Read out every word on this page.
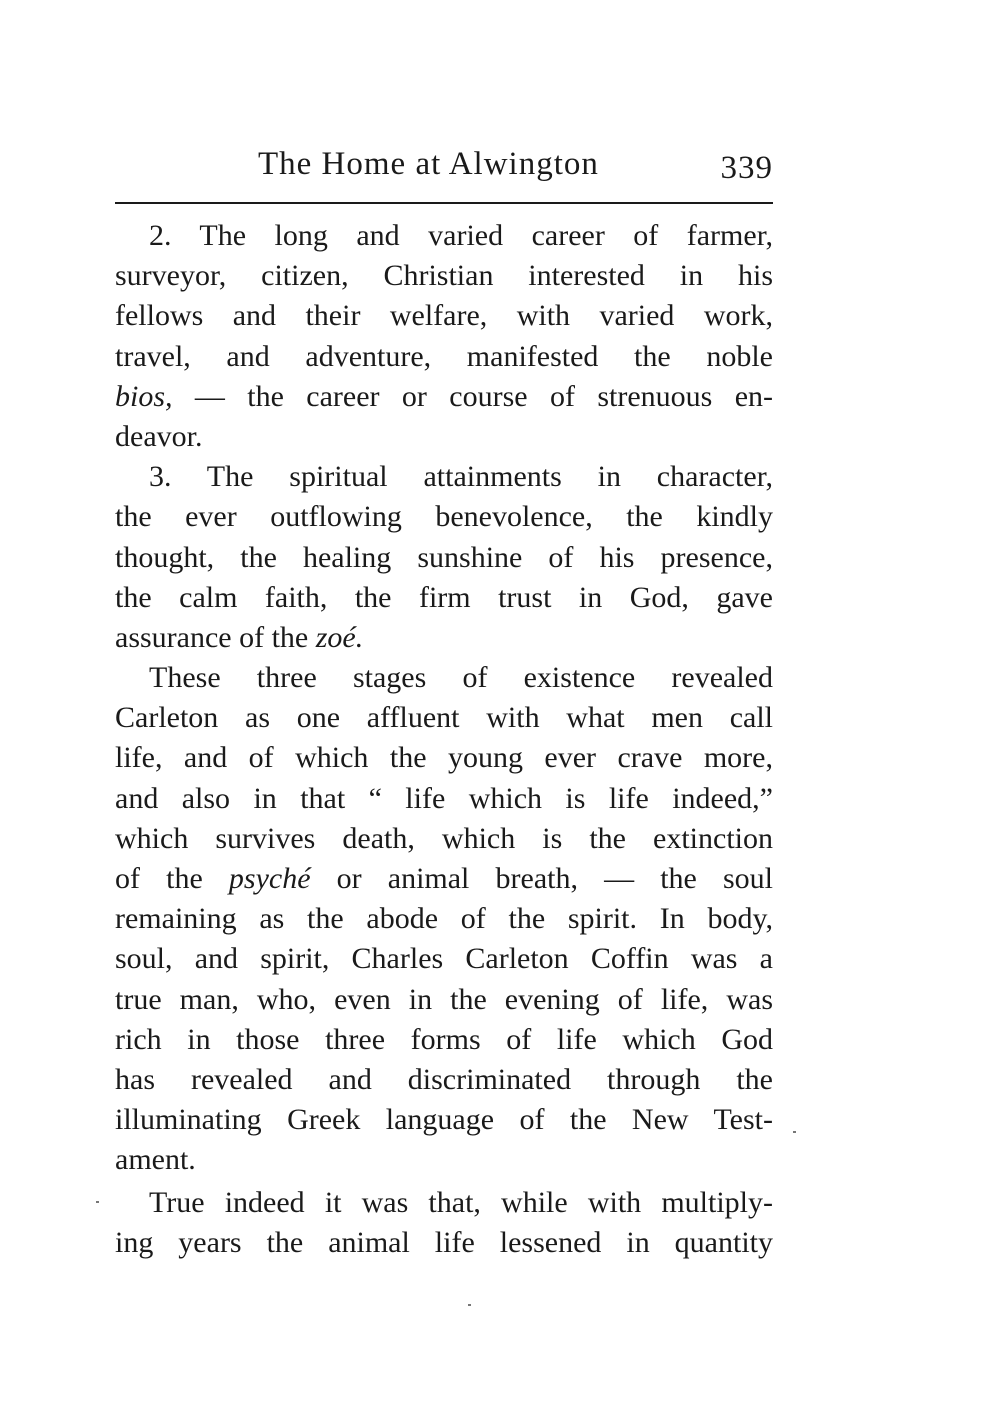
The Home at Alwington	339
2. The long and varied career of farmer,
surveyor, citizen, Christian interested in his
fellows and their welfare, with varied work,
travel, and adventure, manifested the noble
bios, — the career or course of strenuous en-
deavor.
3. The spiritual attainments in character,
the ever outflowing benevolence, the kindly
thought, the healing sunshine of his presence,
the calm faith, the firm trust in God, gave
assurance of the zoé.
These three stages of existence revealed
Carleton as one affluent with what men call
life, and of which the young ever crave more,
and also in that “ life which is life indeed,”
which survives death, which is the extinction
of the psyché or animal breath, — the soul
remaining as the abode of the spirit. In body,
soul, and spirit, Charles Carleton Coffin was a
true man, who, even in the evening of life, was
rich in those three forms of life which God
has revealed and discriminated through the
illuminating Greek language of the New Test-
ament.
True indeed it was that, while with multiply-
ing years the animal life lessened in quantity
